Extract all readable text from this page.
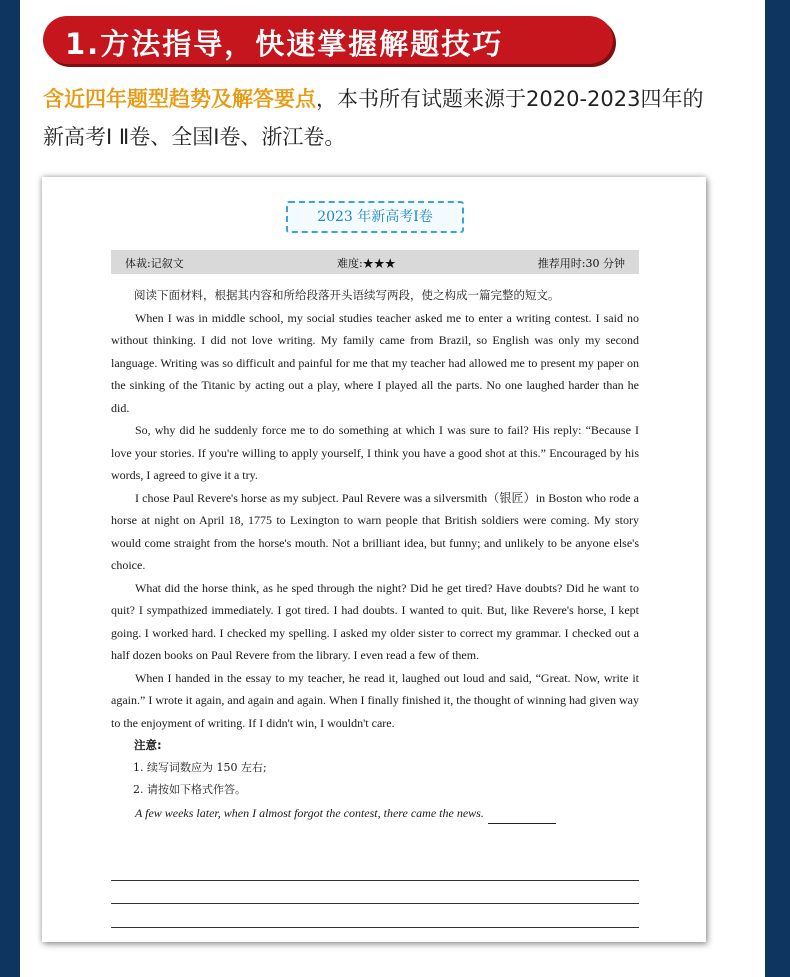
1.方法指导，快速掌握解题技巧
含近四年题型趋势及解答要点，本书所有试题来源于2020-2023四年的新高考Ⅰ Ⅱ卷、全国Ⅰ卷、浙江卷。
2023 年新高考Ⅰ卷
体裁:记叙文	难度:★★★	推荐用时:30 分钟

阅读下面材料，根据其内容和所给段落开头语续写两段，使之构成一篇完整的短文。

When I was in middle school, my social studies teacher asked me to enter a writing contest. I said no without thinking. I did not love writing. My family came from Brazil, so English was only my second language. Writing was so difficult and painful for me that my teacher had allowed me to present my paper on the sinking of the Titanic by acting out a play, where I played all the parts. No one laughed harder than he did.

So, why did he suddenly force me to do something at which I was sure to fail? His reply: “Because I love your stories. If you're willing to apply yourself, I think you have a good shot at this.” Encouraged by his words, I agreed to give it a try.

I chose Paul Revere's horse as my subject. Paul Revere was a silversmith（银匠）in Boston who rode a horse at night on April 18, 1775 to Lexington to warn people that British soldiers were coming. My story would come straight from the horse's mouth. Not a brilliant idea, but funny; and unlikely to be anyone else's choice.

What did the horse think, as he sped through the night? Did he get tired? Have doubts? Did he want to quit? I sympathized immediately. I got tired. I had doubts. I wanted to quit. But, like Revere's horse, I kept going. I worked hard. I checked my spelling. I asked my older sister to correct my grammar. I checked out a half dozen books on Paul Revere from the library. I even read a few of them.

When I handed in the essay to my teacher, he read it, laughed out loud and said, “Great. Now, write it again.” I wrote it again, and again and again. When I finally finished it, the thought of winning had given way to the enjoyment of writing. If I didn't win, I wouldn't care.

注意:
1. 续写词数应为 150 左右;
2. 请按如下格式作答。
A few weeks later, when I almost forgot the contest, there came the news.
